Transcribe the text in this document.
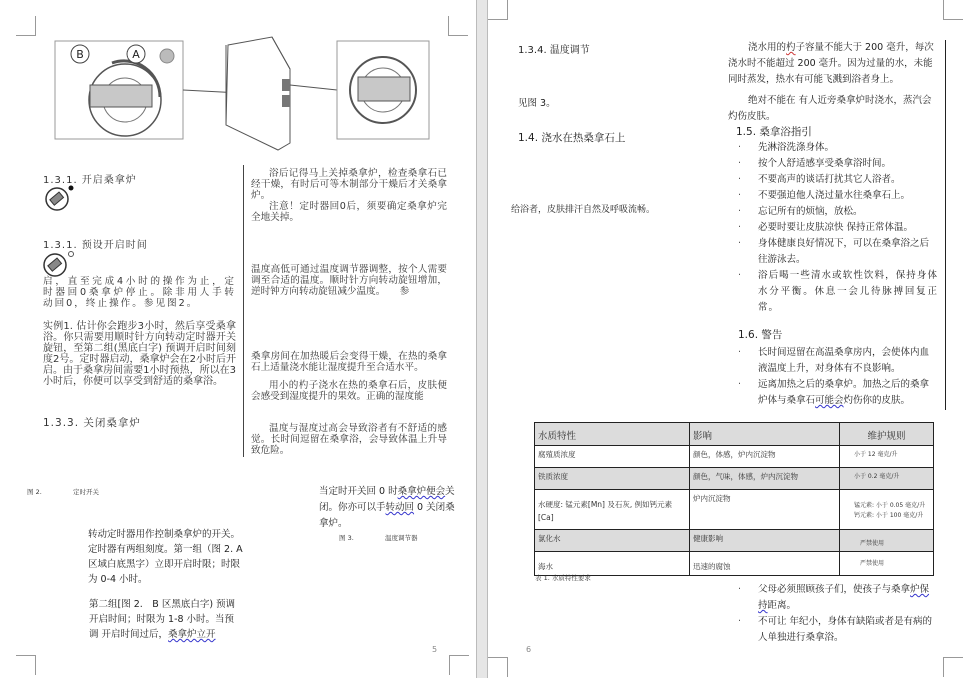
B	A
1.3.1. 开启桑拿炉
1.3.1. 预设开启时间
启，直至完成4小时的操作为止，定时器回0桑拿炉停止。除非用人手转动回0，终止操作。参见图2。
实例1. 估计你会跑步3小时，然后享受桑拿浴。你只需要用顺时针方向转动定时器开关旋钮，至第二组(黑底白字) 预调开启时间刻度2号。定时器启动，桑拿炉会在2小时后开启。由于桑拿房间需要1小时预热，所以在3小时后，你便可以享受到舒适的桑拿浴。
1.3.3. 关闭桑拿炉
浴后记得马上关掉桑拿炉，检查桑拿石已经干燥，有时后可等木制部分干燥后才关桑拿炉。
注意！定时器回0后，须要确定桑拿炉完全地关掉。
温度高低可通过温度调节器调整，按个人需要调至合适的温度。顺时针方向转动旋钮增加，逆时钟方向转动旋钮减少温度。　　参
桑拿房间在加热暖后会变得干燥，在热的桑拿石上适量浇水能让湿度提升至合适水平。
用小的杓子浇水在热的桑拿石后，皮肤便会感受到湿度提升的果效。正确的湿度能
温度与湿度过高会导致浴者有不舒适的感觉。长时间逗留在桑拿浴，会导致体温上升导致危险。
图 2.	定时开关
转动定时器用作控制桑拿炉的开关。定时器有两组刻度。第一组（图 2. A 区域白底黑字）立即开启时限；时限 为 0-4 小时。
第二组[图 2.　B 区黑底白字) 预调开启时间；时限为 1-8 小时。当预调 开启时间过后，桑拿炉立开
当定时开关回 0 时桑拿炉便会关闭。你亦可以手转动回 0 关闭桑拿炉。
图 3.	温度调节器
5
1.3.4. 温度调节
见图 3。
1.4. 浇水在热桑拿石上
给浴者，皮肤排汗自然及呼吸流畅。
浇水用的杓子容量不能大于 200 毫升，每次浇水时不能超过 200 毫升。因为过量的水，未能同时蒸发，热水有可能飞溅到浴者身上。
绝对不能在 有人近旁桑拿炉时浇水，蒸汽会灼伤皮肤。
1.5. 桑拿浴指引
· 先淋浴洗涤身体。
· 按个人舒适感享受桑拿浴时间。
· 不要高声的谈话打扰其它人浴者。
· 不要强迫他人浇过量水往桑拿石上。
· 忘记所有的烦恼，放松。
· 必要时要让皮肤凉快 保持正常体温。
· 身体健康良好情况下，可以在桑拿浴之后往游泳去。
· 浴后喝一些清水或软性饮料，保持身体水分平衡。休息一会儿待脉搏回复正常。
1.6. 警告
· 长时间逗留在高温桑拿房内，会使体内血液温度上升，对身体有不良影响。
· 远离加热之后的桑拿炉。加热之后的桑拿炉体与桑拿石可能会灼伤你的皮肤。
水质特性	影响	维护规则
腐殖质浓度	颜色，体感，炉内沉淀物	小于 12 毫克/升
铁质浓度	颜色，气味，体感，炉内沉淀物	小于 0.2 毫克/升
水硬度: 锰元素[Mn] 及石灰, 例如钙元素[Ca]	炉内沉淀物	锰元素: 小于 0.05 毫克/升
钙元素: 小于 100 毫克/升
氯化水	健康影响	严禁使用
海水	迅速的腐蚀	严禁使用
表 1. 水质特性要求
· 父母必须照顾孩子们，使孩子与桑拿炉保持距离。
· 不可让 年纪小，身体有缺陷或者是有病的人单独进行桑拿浴。
6
